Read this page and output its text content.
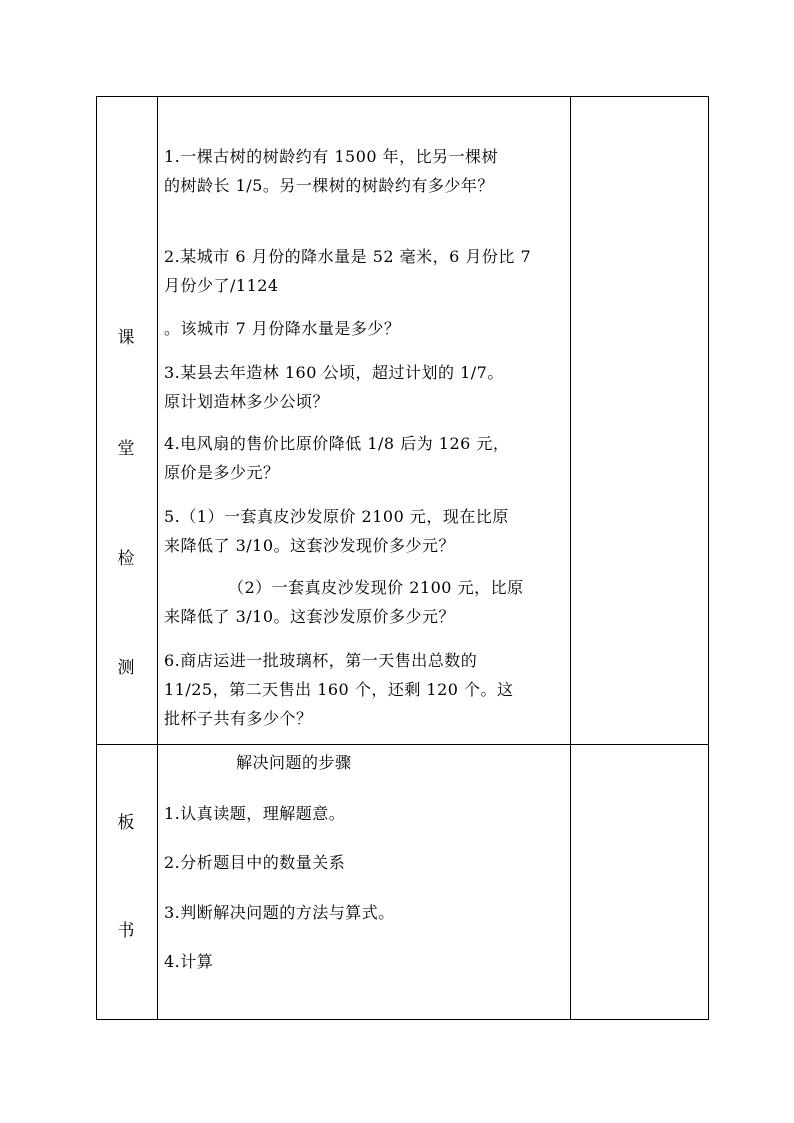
课
堂
检
测
1.一棵古树的树龄约有 1500 年，比另一棵树
的树龄长 1/5。另一棵树的树龄约有多少年？
2.某城市 6 月份的降水量是 52 毫米，6 月份比 7
月份少了/1124
。该城市 7 月份降水量是多少？
3.某县去年造林 160 公顷，超过计划的 1/7。
原计划造林多少公顷？
4.电风扇的售价比原价降低 1/8 后为 126 元，
原价是多少元？
5.（1）一套真皮沙发原价 2100 元，现在比原
来降低了 3/10。这套沙发现价多少元？
（2）一套真皮沙发现价 2100 元，比原
来降低了 3/10。这套沙发原价多少元？
6.商店运进一批玻璃杯，第一天售出总数的
11/25，第二天售出 160 个，还剩 120 个。这
批杯子共有多少个？
板
书
解决问题的步骤
1.认真读题，理解题意。
2.分析题目中的数量关系
3.判断解决问题的方法与算式。
4.计算
